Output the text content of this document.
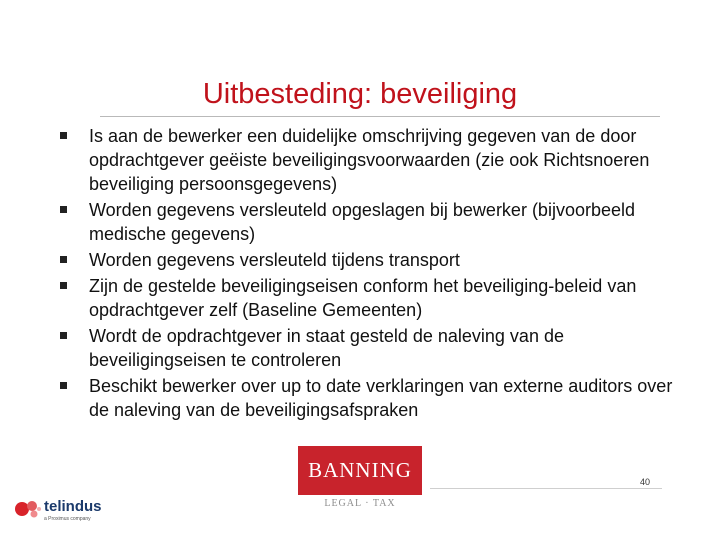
Uitbesteding: beveiliging
Is aan de bewerker een duidelijke omschrijving gegeven van de door opdrachtgever geëiste beveiligingsvoorwaarden (zie ook Richtsnoeren beveiliging persoonsgegevens)
Worden gegevens versleuteld opgeslagen bij bewerker (bijvoorbeeld medische gegevens)
Worden gegevens versleuteld tijdens transport
Zijn de gestelde beveiligingseisen conform het beveiliging-beleid van opdrachtgever zelf (Baseline Gemeenten)
Wordt de opdrachtgever in staat gesteld de naleving van de beveiligingseisen te controleren
Beschikt bewerker over up to date verklaringen van externe auditors over de naleving van de beveiligingsafspraken
BANNING
LEGAL · TAX
40
telindus
a Proximus company
